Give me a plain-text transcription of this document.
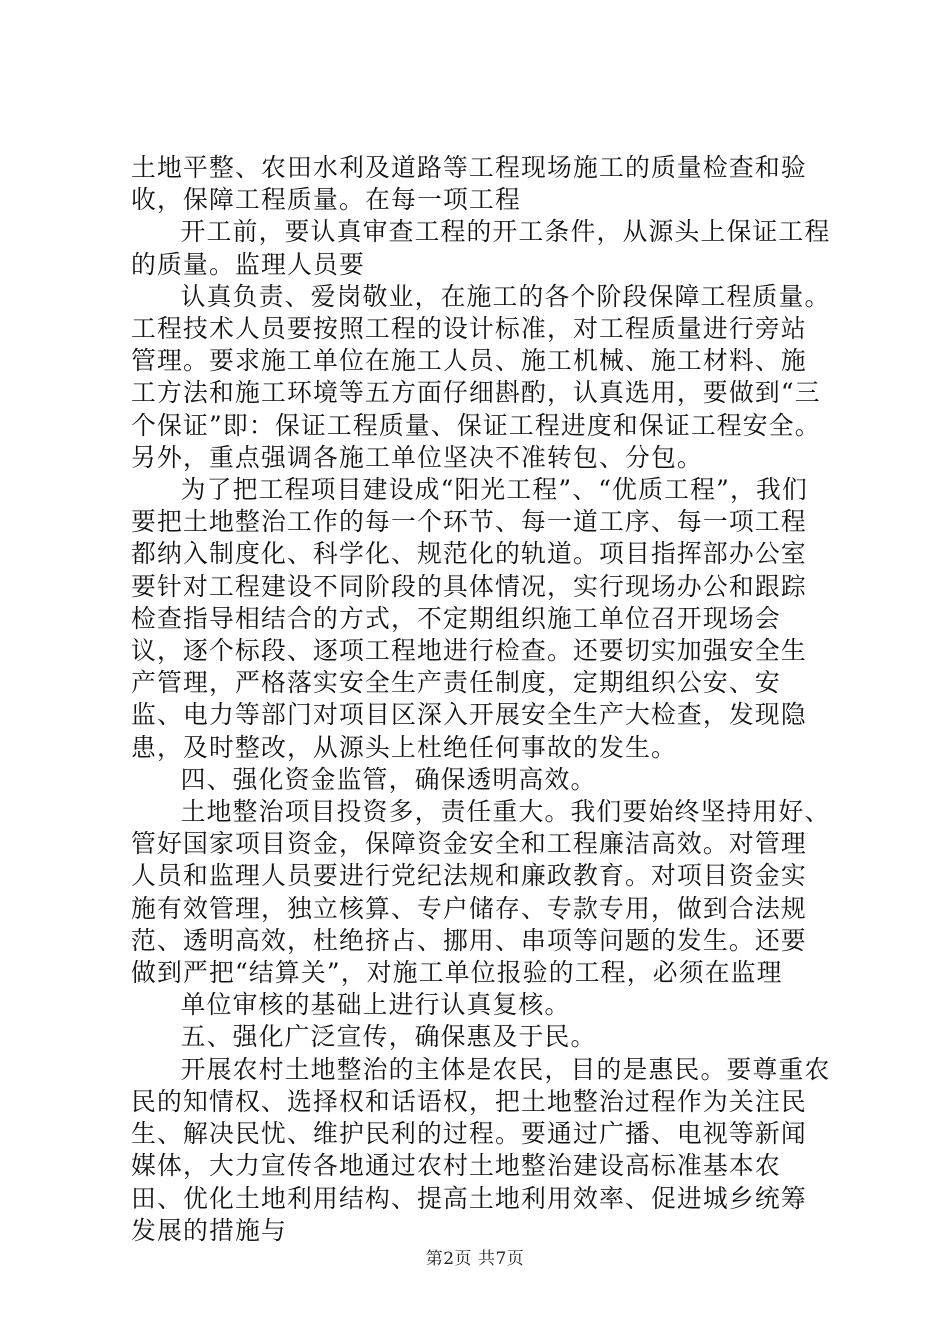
土地平整、农田水利及道路等工程现场施工的质量检查和验收，保障工程质量。在每一项工程

开工前，要认真审查工程的开工条件，从源头上保证工程的质量。监理人员要

认真负责、爱岗敬业，在施工的各个阶段保障工程质量。工程技术人员要按照工程的设计标准，对工程质量进行旁站管理。要求施工单位在施工人员、施工机械、施工材料、施工方法和施工环境等五方面仔细斟酌，认真选用，要做到“三个保证”即：保证工程质量、保证工程进度和保证工程安全。另外，重点强调各施工单位坚决不准转包、分包。

为了把工程项目建设成“阳光工程”、“优质工程”，我们要把土地整治工作的每一个环节、每一道工序、每一项工程都纳入制度化、科学化、规范化的轨道。项目指挥部办公室要针对工程建设不同阶段的具体情况，实行现场办公和跟踪检查指导相结合的方式，不定期组织施工单位召开现场会议，逐个标段、逐项工程地进行检查。还要切实加强安全生产管理，严格落实安全生产责任制度，定期组织公安、安监、电力等部门对项目区深入开展安全生产大检查，发现隐患，及时整改，从源头上杜绝任何事故的发生。

四、强化资金监管，确保透明高效。

土地整治项目投资多，责任重大。我们要始终坚持用好、管好国家项目资金，保障资金安全和工程廉洁高效。对管理人员和监理人员要进行党纪法规和廉政教育。对项目资金实施有效管理，独立核算、专户储存、专款专用，做到合法规范、透明高效，杜绝挤占、挪用、串项等问题的发生。还要做到严把“结算关”，对施工单位报验的工程，必须在监理

单位审核的基础上进行认真复核。

五、强化广泛宣传，确保惠及于民。

开展农村土地整治的主体是农民，目的是惠民。要尊重农民的知情权、选择权和话语权，把土地整治过程作为关注民生、解决民忧、维护民利的过程。要通过广播、电视等新闻媒体，大力宣传各地通过农村土地整治建设高标准基本农田、优化土地利用结构、提高土地利用效率、促进城乡统筹发展的措施与

第2页 共7页
